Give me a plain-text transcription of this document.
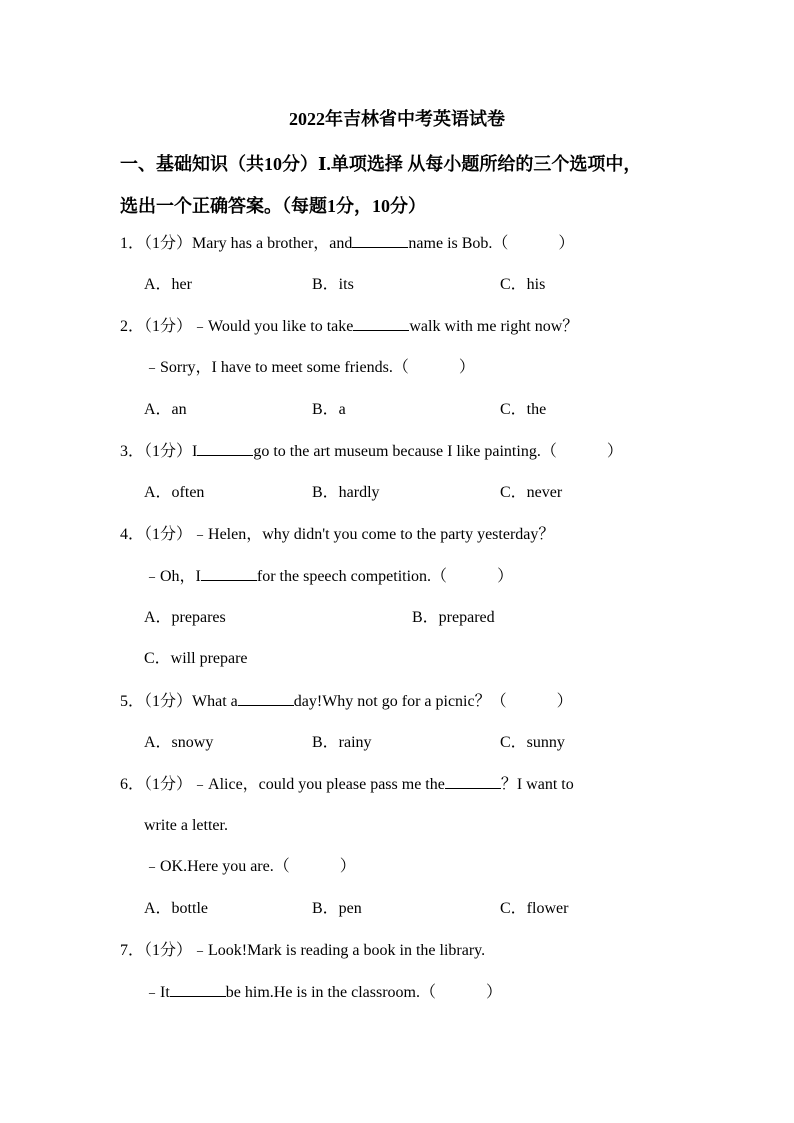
2022年吉林省中考英语试卷
一、基础知识（共10分）Ⅰ.单项选择 从每小题所给的三个选项中，
选出一个正确答案。（每题1分，10分）
1．（1分）Mary has a brother，and	name is Bob.（	）
A．her	B．its	C．his
2．（1分）﹣Would you like to take	walk with me right now？
﹣Sorry，I have to meet some friends.（	）
A．an	B．a	C．the
3．（1分）I	go to the art museum because I like painting.（	）
A．often	B．hardly	C．never
4．（1分）﹣Helen，why didn't you come to the party yesterday？
﹣Oh，I	for the speech competition.（	）
A．prepares	B．prepared
C．will prepare
5．（1分）What a	day!Why not go for a picnic？（	）
A．snowy	B．rainy	C．sunny
6．（1分）﹣Alice，could you please pass me the	？I want to
write a letter.
﹣OK.Here you are.（	）
A．bottle	B．pen	C．flower
7．（1分）﹣Look!Mark is reading a book in the library.
﹣It	be him.He is in the classroom.（	）
